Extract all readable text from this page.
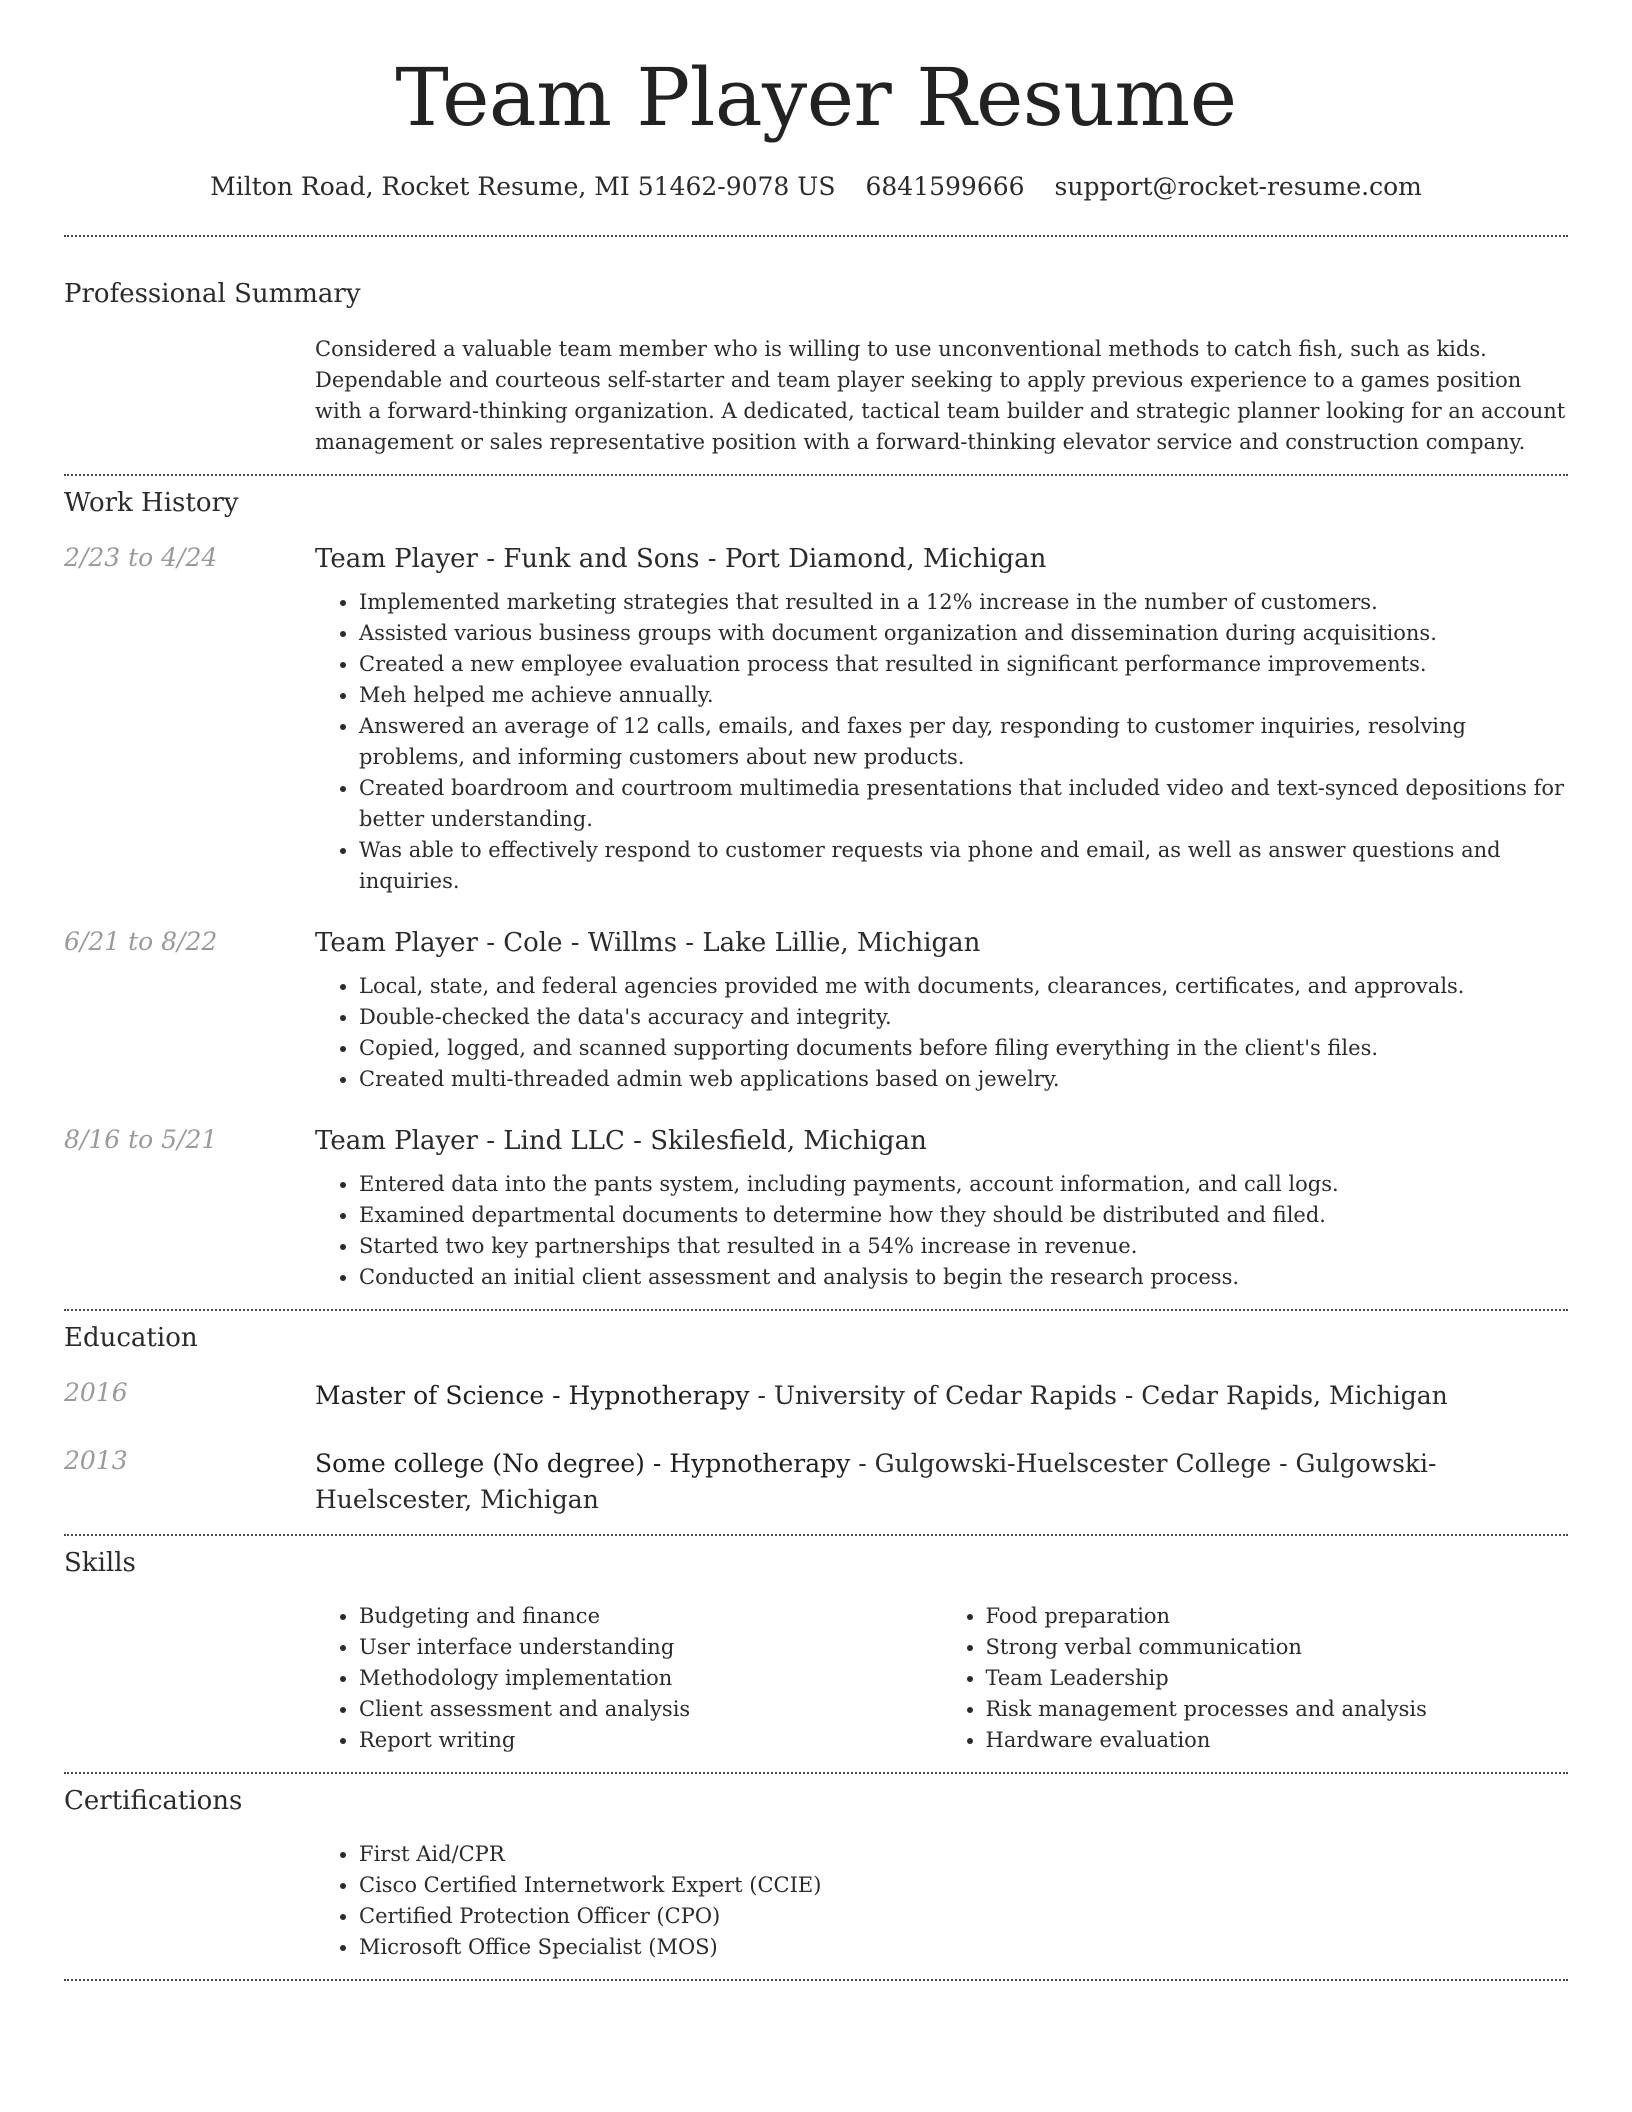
Team Player Resume
Milton Road, Rocket Resume, MI 51462-9078 US 6841599666 support@rocket-resume.com
Professional Summary
Considered a valuable team member who is willing to use unconventional methods to catch fish, such as kids. Dependable and courteous self-starter and team player seeking to apply previous experience to a games position with a forward-thinking organization. A dedicated, tactical team builder and strategic planner looking for an account management or sales representative position with a forward-thinking elevator service and construction company.
Work History
2/23 to 4/24	Team Player - Funk and Sons - Port Diamond, Michigan
• Implemented marketing strategies that resulted in a 12% increase in the number of customers.
• Assisted various business groups with document organization and dissemination during acquisitions.
• Created a new employee evaluation process that resulted in significant performance improvements.
• Meh helped me achieve annually.
• Answered an average of 12 calls, emails, and faxes per day, responding to customer inquiries, resolving problems, and informing customers about new products.
• Created boardroom and courtroom multimedia presentations that included video and text-synced depositions for better understanding.
• Was able to effectively respond to customer requests via phone and email, as well as answer questions and inquiries.
6/21 to 8/22	Team Player - Cole - Willms - Lake Lillie, Michigan
• Local, state, and federal agencies provided me with documents, clearances, certificates, and approvals.
• Double-checked the data's accuracy and integrity.
• Copied, logged, and scanned supporting documents before filing everything in the client's files.
• Created multi-threaded admin web applications based on jewelry.
8/16 to 5/21	Team Player - Lind LLC - Skilesfield, Michigan
• Entered data into the pants system, including payments, account information, and call logs.
• Examined departmental documents to determine how they should be distributed and filed.
• Started two key partnerships that resulted in a 54% increase in revenue.
• Conducted an initial client assessment and analysis to begin the research process.
Education
2016	Master of Science - Hypnotherapy - University of Cedar Rapids - Cedar Rapids, Michigan
2013	Some college (No degree) - Hypnotherapy - Gulgowski-Huelscester College - Gulgowski-Huelscester, Michigan
Skills
• Budgeting and finance
• User interface understanding
• Methodology implementation
• Client assessment and analysis
• Report writing
• Food preparation
• Strong verbal communication
• Team Leadership
• Risk management processes and analysis
• Hardware evaluation
Certifications
• First Aid/CPR
• Cisco Certified Internetwork Expert (CCIE)
• Certified Protection Officer (CPO)
• Microsoft Office Specialist (MOS)
